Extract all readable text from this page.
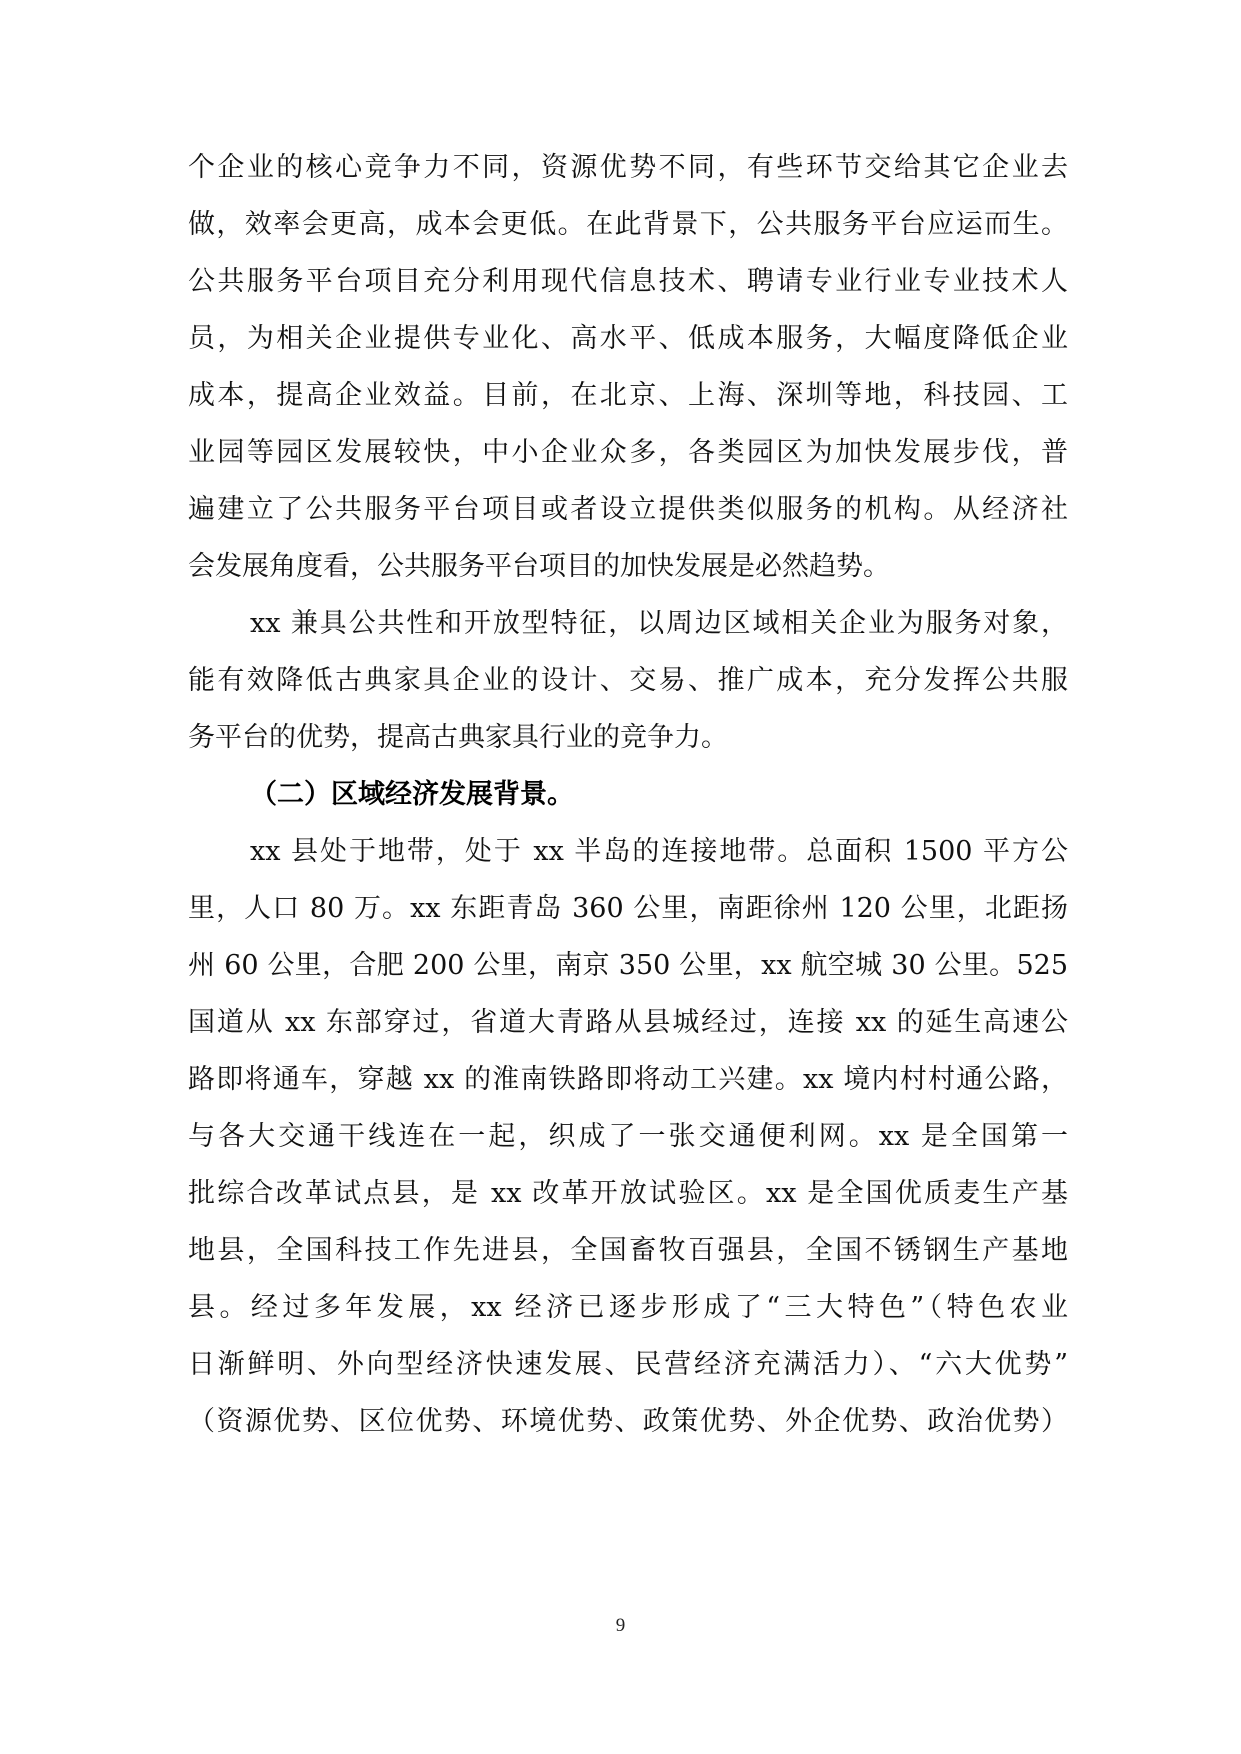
个企业的核心竞争力不同，资源优势不同，有些环节交给其它企业去

做，效率会更高，成本会更低。在此背景下，公共服务平台应运而生。

公共服务平台项目充分利用现代信息技术、聘请专业行业专业技术人

员，为相关企业提供专业化、高水平、低成本服务，大幅度降低企业

成本，提高企业效益。目前，在北京、上海、深圳等地，科技园、工

业园等园区发展较快，中小企业众多，各类园区为加快发展步伐，普

遍建立了公共服务平台项目或者设立提供类似服务的机构。从经济社

会发展角度看，公共服务平台项目的加快发展是必然趋势。

xx 兼具公共性和开放型特征，以周边区域相关企业为服务对象，

能有效降低古典家具企业的设计、交易、推广成本，充分发挥公共服

务平台的优势，提高古典家具行业的竞争力。

（二）区域经济发展背景。

xx 县处于地带，处于 xx 半岛的连接地带。总面积 1500 平方公

里，人口 80 万。xx 东距青岛 360 公里，南距徐州 120 公里，北距扬

州 60 公里，合肥 200 公里，南京 350 公里，xx 航空城 30 公里。525

国道从 xx 东部穿过，省道大青路从县城经过，连接 xx 的延生高速公

路即将通车，穿越 xx 的淮南铁路即将动工兴建。xx 境内村村通公路，

与各大交通干线连在一起，织成了一张交通便利网。xx 是全国第一

批综合改革试点县，是 xx 改革开放试验区。xx 是全国优质麦生产基

地县，全国科技工作先进县，全国畜牧百强县，全国不锈钢生产基地

县。经过多年发展，xx 经济已逐步形成了“三大特色”（特色农业

日渐鲜明、外向型经济快速发展、民营经济充满活力）、“六大优势”

（资源优势、区位优势、环境优势、政策优势、外企优势、政治优势）

9
